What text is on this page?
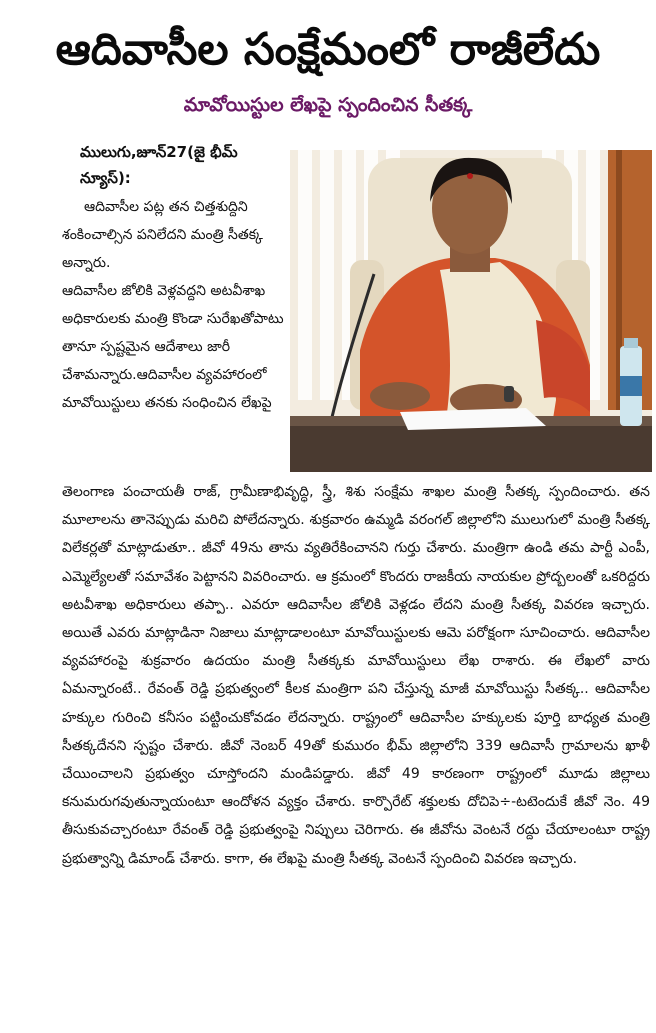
ఆదివాసీల సంక్షేమంలో రాజీలేదు
మావోయిస్టుల లేఖపై స్పందించిన సీతక్క
ములుగు,జూన్27(జై భీమ్ న్యూస్):

ఆదివాసీల పట్ల తన చిత్తశుద్దిని శంకించాల్సిన పనిలేదని మంత్రి సీతక్క అన్నారు.

ఆదివాసీల జోలికి వెళ్లవద్దని అటవీశాఖ అధికారులకు మంత్రి కొండా సురేఖతోపాటు తానూ స్పష్టమైన ఆదేశాలు జారీ చేశామన్నారు.ఆదివాసీల వ్యవహారంలో మావోయిస్టులు తనకు సంధించిన లేఖపై

తెలంగాణ పంచాయతీ రాజ్, గ్రామీణాభివృద్ధి, స్త్రీ, శిశు సంక్షేమ శాఖల మంత్రి సీతక్క స్పందించారు. తన మూలాలను తానెప్పుడు మరిచి పోలేదన్నారు. శుక్రవారం ఉమ్మడి వరంగల్ జిల్లాలోని ములుగులో మంత్రి సీతక్క విలేకర్లతో మాట్లాడుతూ.. జీవో 49ను తాను వ్యతిరేకించానని గుర్తు చేశారు. మంత్రిగా ఉండి తమ పార్టీ ఎంపీ, ఎమ్మెల్యేలతో సమావేశం పెట్టానని వివరించారు. ఆ క్రమంలో కొందరు రాజకీయ నాయకుల ప్రోద్బలంతో ఒకరిద్దరు అటవీశాఖ అధికారులు తప్పా.. ఎవరూ ఆదివాసీల జోలికి వెళ్లడం లేదని మంత్రి సీతక్క వివరణ ఇచ్చారు. అయితే ఎవరు మాట్లాడినా నిజాలు మాట్లాడాలంటూ మావోయిస్టులకు ఆమె పరోక్షంగా సూచించారు. ఆదివాసీల వ్యవహారంపై శుక్రవారం ఉదయం మంత్రి సీతక్కకు మావోయిస్టులు లేఖ రాశారు. ఈ లేఖలో వారు ఏమన్నారంటే.. రేవంత్ రెడ్డి ప్రభుత్వంలో కీలక మంత్రిగా పని చేస్తున్న మాజీ మావోయిస్టు సీతక్క.. ఆదివాసీల హక్కుల గురించి కనీసం పట్టించుకోవడం లేదన్నారు. రాష్ట్రంలో ఆదివాసీల హక్కులకు పూర్తి బాధ్యత మంత్రి సీతక్కదేనని స్పష్టం చేశారు. జీవో నెంబర్ 49తో కుమురం భీమ్ జిల్లాలోని 339 ఆదివాసీ గ్రామాలను ఖాళీ చేయించాలని ప్రభుత్వం చూస్తోందని మండిపడ్డారు. జీవో 49 కారణంగా రాష్ట్రంలో మూడు జిల్లాలు కనుమరుగవుతున్నాయంటూ ఆందోళన వ్యక్తం చేశారు. కార్పొరేట్ శక్తులకు దోచిపె÷-టటెందుకే జీవో నెం. 49 తీసుకువచ్చారంటూ రేవంత్ రెడ్డి ప్రభుత్వంపై నిప్పులు చెరిగారు. ఈ జీవోను వెంటనే రద్దు చేయాలంటూ రాష్ట్ర ప్రభుత్వాన్ని డిమాండ్ చేశారు. కాగా, ఈ లేఖపై మంత్రి సీతక్క వెంటనే స్పందించి వివరణ ఇచ్చారు.
